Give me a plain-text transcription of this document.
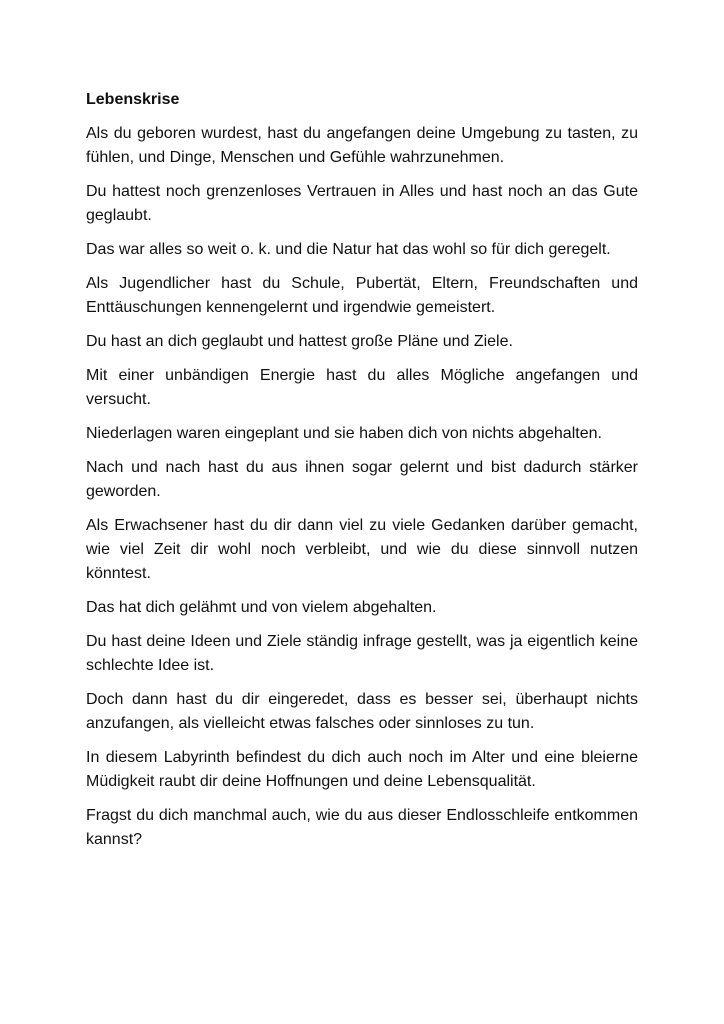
Lebenskrise

Als du geboren wurdest, hast du angefangen deine Umgebung zu tasten, zu fühlen, und Dinge, Menschen und Gefühle wahrzunehmen.

Du hattest noch grenzenloses Vertrauen in Alles und hast noch an das Gute geglaubt.

Das war alles so weit o. k. und die Natur hat das wohl so für dich geregelt.

Als Jugendlicher hast du Schule, Pubertät, Eltern, Freundschaften und Enttäuschungen kennengelernt und irgendwie gemeistert.

Du hast an dich geglaubt und hattest große Pläne und Ziele.

Mit einer unbändigen Energie hast du alles Mögliche angefangen und versucht.

Niederlagen waren eingeplant und sie haben dich von nichts abgehalten.

Nach und nach hast du aus ihnen sogar gelernt und bist dadurch stärker geworden.

Als Erwachsener hast du dir dann viel zu viele Gedanken darüber gemacht, wie viel Zeit dir wohl noch verbleibt, und wie du diese sinnvoll nutzen könntest.

Das hat dich gelähmt und von vielem abgehalten.

Du hast deine Ideen und Ziele ständig infrage gestellt, was ja eigentlich keine schlechte Idee ist.

Doch dann hast du dir eingeredet, dass es besser sei, überhaupt nichts anzufangen, als vielleicht etwas falsches oder sinnloses zu tun.

In diesem Labyrinth befindest du dich auch noch im Alter und eine bleierne Müdigkeit raubt dir deine Hoffnungen und deine Lebensqualität.

Fragst du dich manchmal auch, wie du aus dieser Endlosschleife entkommen kannst?
